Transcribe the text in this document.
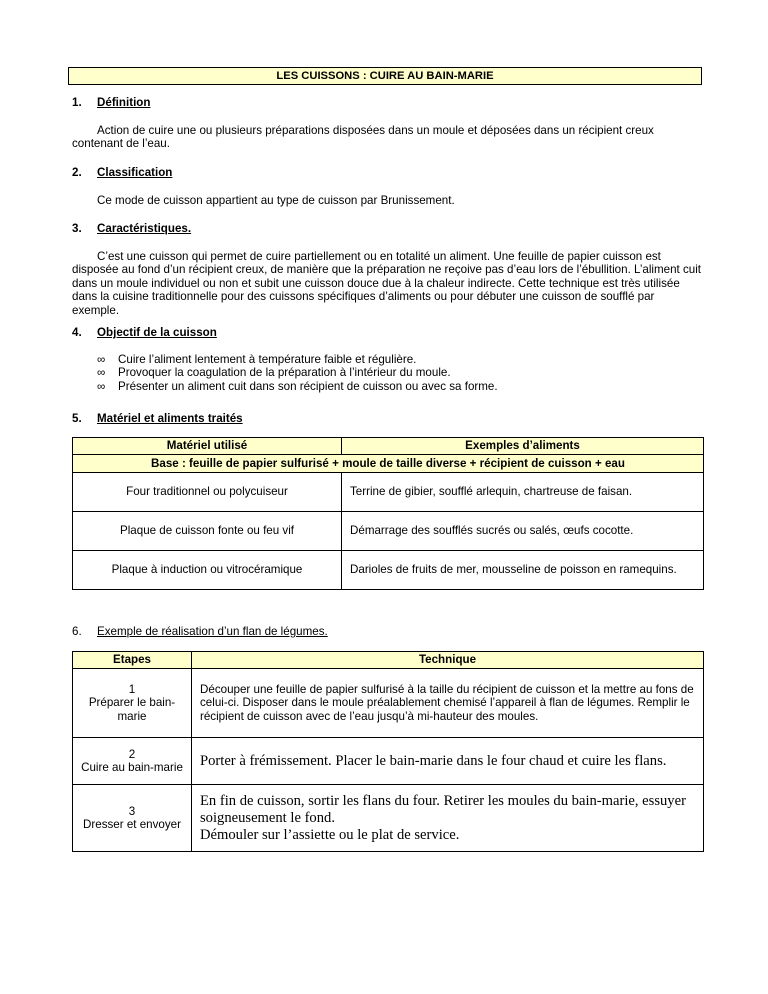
LES CUISSONS : CUIRE AU BAIN-MARIE
1. Définition
Action de cuire une ou plusieurs préparations disposées dans un moule et déposées dans un récipient creux contenant de l’eau.
2. Classification
Ce mode de cuisson appartient au type de cuisson par Brunissement.
3. Caractéristiques.
C’est une cuisson qui permet de cuire partiellement ou en totalité un aliment. Une feuille de papier cuisson est disposée au fond d’un récipient creux, de manière que la préparation ne reçoive pas d’eau lors de l’ébullition. L’aliment cuit dans un moule individuel ou non et subit une cuisson douce due à la chaleur indirecte. Cette technique est très utilisée dans la cuisine traditionnelle pour des cuissons spécifiques d’aliments ou pour débuter une cuisson de soufflé par exemple.
4. Objectif de la cuisson
∞ Cuire l’aliment lentement à température faible et régulière.
∞ Provoquer la coagulation de la préparation à l’intérieur du moule.
∞ Présenter un aliment cuit dans son récipient de cuisson ou avec sa forme.
5. Matériel et aliments traités
Matériel utilisé	Exemples d’aliments
Base : feuille de papier sulfurisé + moule de taille diverse + récipient de cuisson + eau	
Four traditionnel ou polycuiseur	Terrine de gibier, soufflé arlequin, chartreuse de faisan.
Plaque de cuisson fonte ou feu vif	Démarrage des soufflés sucrés ou salés, œufs cocotte.
Plaque à induction ou vitrocéramique	Darioles de fruits de mer, mousseline de poisson en ramequins.
6. Exemple de réalisation d’un flan de légumes.
Etapes	Technique

1
Préparer le bain-marie	Découper une feuille de papier sulfurisé à la taille du récipient de cuisson et la mettre au fons de celui-ci. Disposer dans le moule préalablement chemisé l’appareil à flan de légumes. Remplir le récipient de cuisson avec de l’eau jusqu’à mi-hauteur des moules.

2
Cuire au bain-marie	Porter à frémissement. Placer le bain-marie dans le four chaud et cuire les flans.

3
Dresser et envoyer	En fin de cuisson, sortir les flans du four. Retirer les moules du bain-marie, essuyer soigneusement le fond.
Démouler sur l’assiette ou le plat de service.
